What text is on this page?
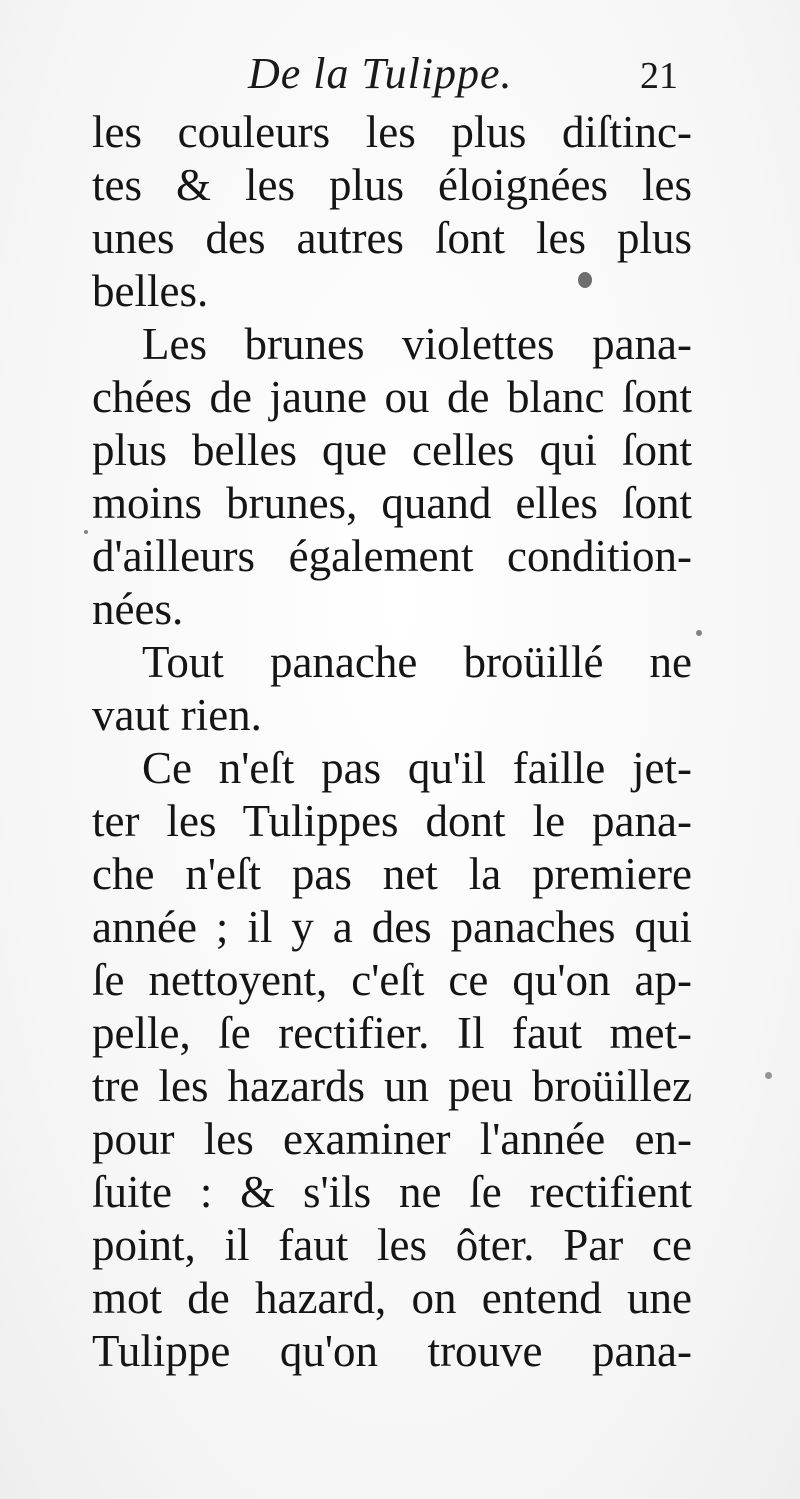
De la Tulippe.	21
les couleurs les plus diſtinc-
tes & les plus éloignées les
unes des autres ſont les plus
belles.
Les brunes violettes pana-
chées de jaune ou de blanc ſont
plus belles que celles qui ſont
moins brunes, quand elles ſont
d'ailleurs également condition-
nées.
Tout panache broüillé ne
vaut rien.
Ce n'eſt pas qu'il faille jet-
ter les Tulippes dont le pana-
che n'eſt pas net la premiere
année ; il y a des panaches qui
ſe nettoyent, c'eſt ce qu'on ap-
pelle, ſe rectifier. Il faut met-
tre les hazards un peu broüillez
pour les examiner l'année en-
ſuite : & s'ils ne ſe rectifient
point, il faut les ôter. Par ce
mot de hazard, on entend une
Tulippe qu'on trouve pana-
